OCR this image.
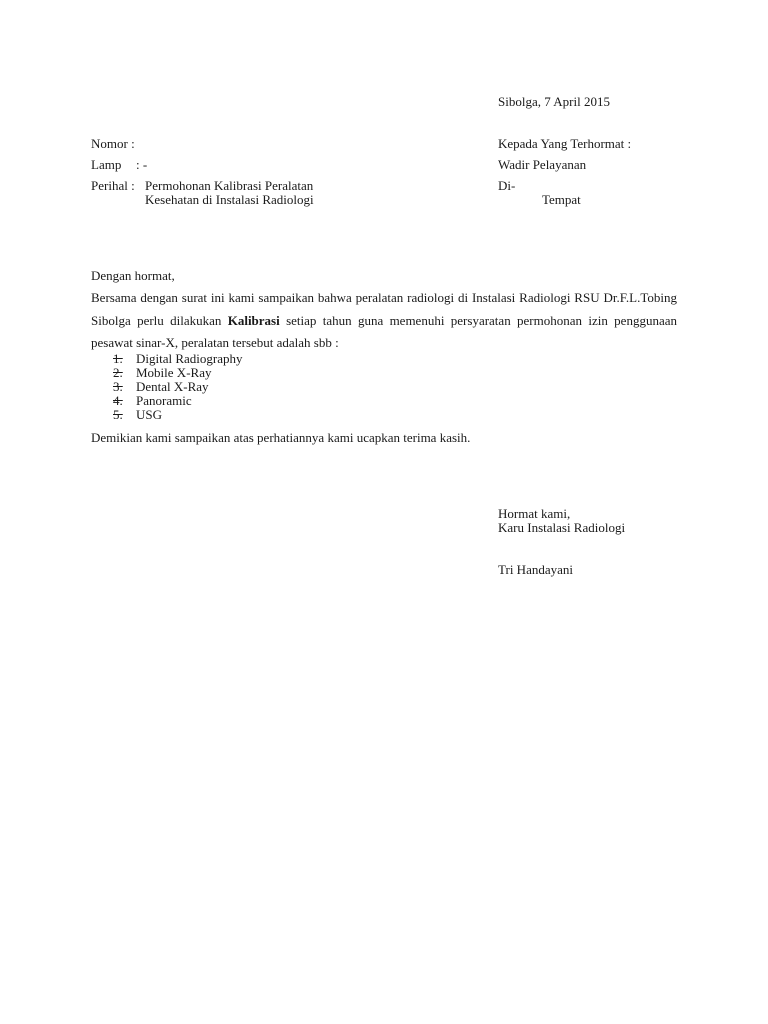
Sibolga, 7 April 2015
Nomor :
Lamp : -
Perihal : Permohonan Kalibrasi Peralatan
Kesehatan di Instalasi Radiologi
Kepada Yang Terhormat :
Wadir Pelayanan
Di-
Tempat
Dengan hormat,
Bersama dengan surat ini kami sampaikan bahwa peralatan radiologi di Instalasi Radiologi RSU Dr.F.L.Tobing Sibolga perlu dilakukan Kalibrasi setiap tahun guna memenuhi persyaratan permohonan izin penggunaan pesawat sinar-X, peralatan tersebut adalah sbb :
1. Digital Radiography
2. Mobile X-Ray
3. Dental X-Ray
4. Panoramic
5. USG
Demikian kami sampaikan atas perhatiannya kami ucapkan terima kasih.
Hormat kami,
Karu Instalasi Radiologi
Tri Handayani
